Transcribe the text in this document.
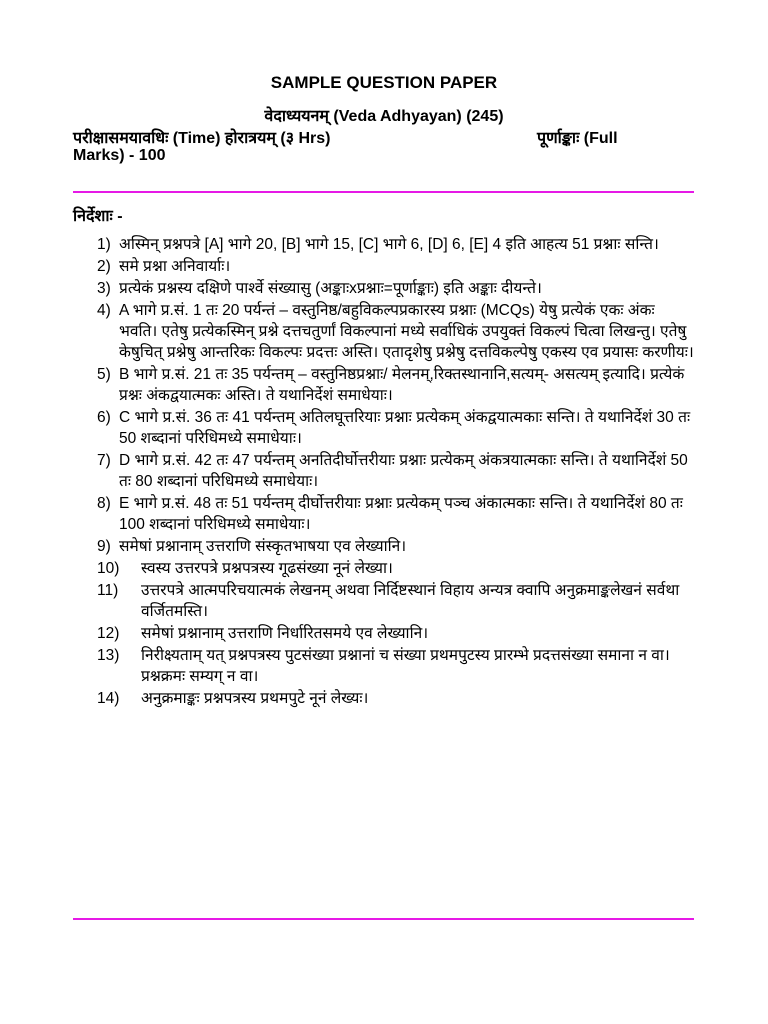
SAMPLE QUESTION PAPER
वेदाध्ययनम् (Veda Adhyayan) (245)
परीक्षासमयावधिः (Time) होरात्रयम् (३ Hrs)	पूर्णाङ्काः (Full
Marks) - 100
निर्देशाः -
1) अस्मिन् प्रश्नपत्रे [A] भागे 20, [B] भागे 15, [C] भागे 6, [D] 6, [E] 4 इति आहत्य 51 प्रश्नाः सन्ति।
2) समे प्रश्ना अनिवार्याः।
3) प्रत्येकं प्रश्नस्य दक्षिणे पार्श्वे संख्यासु (अङ्काःxप्रश्नाः=पूर्णाङ्काः) इति अङ्काः दीयन्ते।
4) A भागे प्र.सं. 1 तः 20 पर्यन्तं – वस्तुनिष्ठ/बहुविकल्पप्रकारस्य प्रश्नाः (MCQs) येषु प्रत्येकं एकः अंकः भवति। एतेषु प्रत्येकस्मिन् प्रश्ने दत्तचतुर्णां विकल्पानां मध्ये सर्वाधिकं उपयुक्तं विकल्पं चित्वा लिखन्तु। एतेषु केषुचित् प्रश्नेषु आन्तरिकः विकल्पः प्रदत्तः अस्ति। एतादृशेषु प्रश्नेषु दत्तविकल्पेषु एकस्य एव प्रयासः करणीयः।
5) B भागे प्र.सं. 21 तः 35 पर्यन्तम् – वस्तुनिष्ठप्रश्नाः/ मेलनम्,रिक्तस्थानानि,सत्यम्- असत्यम् इत्यादि। प्रत्येकं प्रश्नः अंकद्वयात्मकः अस्ति। ते यथानिर्देशं समाधेयाः।
6) C भागे प्र.सं. 36 तः 41 पर्यन्तम् अतिलघूत्तरियाः प्रश्नाः प्रत्येकम् अंकद्वयात्मकाः सन्ति। ते यथानिर्देशं 30 तः 50 शब्दानां परिधिमध्ये समाधेयाः।
7) D भागे प्र.सं. 42 तः 47 पर्यन्तम् अनतिदीर्घोत्तरीयाः प्रश्नाः प्रत्येकम् अंकत्रयात्मकाः सन्ति। ते यथानिर्देशं 50 तः 80 शब्दानां परिधिमध्ये समाधेयाः।
8) E भागे प्र.सं. 48 तः 51 पर्यन्तम् दीर्घोत्तरीयाः प्रश्नाः प्रत्येकम् पञ्च अंकात्मकाः सन्ति। ते यथानिर्देशं 80 तः 100 शब्दानां परिधिमध्ये समाधेयाः।
9) समेषां प्रश्नानाम् उत्तराणि संस्कृतभाषया एव लेख्यानि।
10) स्वस्य उत्तरपत्रे प्रश्नपत्रस्य गूढसंख्या नूनं लेख्या।
11) उत्तरपत्रे आत्मपरिचयात्मकं लेखनम् अथवा निर्दिष्टस्थानं विहाय अन्यत्र क्वापि अनुक्रमाङ्कलेखनं सर्वथा वर्जितमस्ति।
12) समेषां प्रश्नानाम् उत्तराणि निर्धारितसमये एव लेख्यानि।
13) निरीक्ष्यताम् यत् प्रश्नपत्रस्य पुटसंख्या प्रश्नानां च संख्या प्रथमपुटस्य प्रारम्भे प्रदत्तसंख्या समाना न वा। प्रश्नक्रमः सम्यग् न वा।
14) अनुक्रमाङ्कः प्रश्नपत्रस्य प्रथमपुटे नूनं लेख्यः।
